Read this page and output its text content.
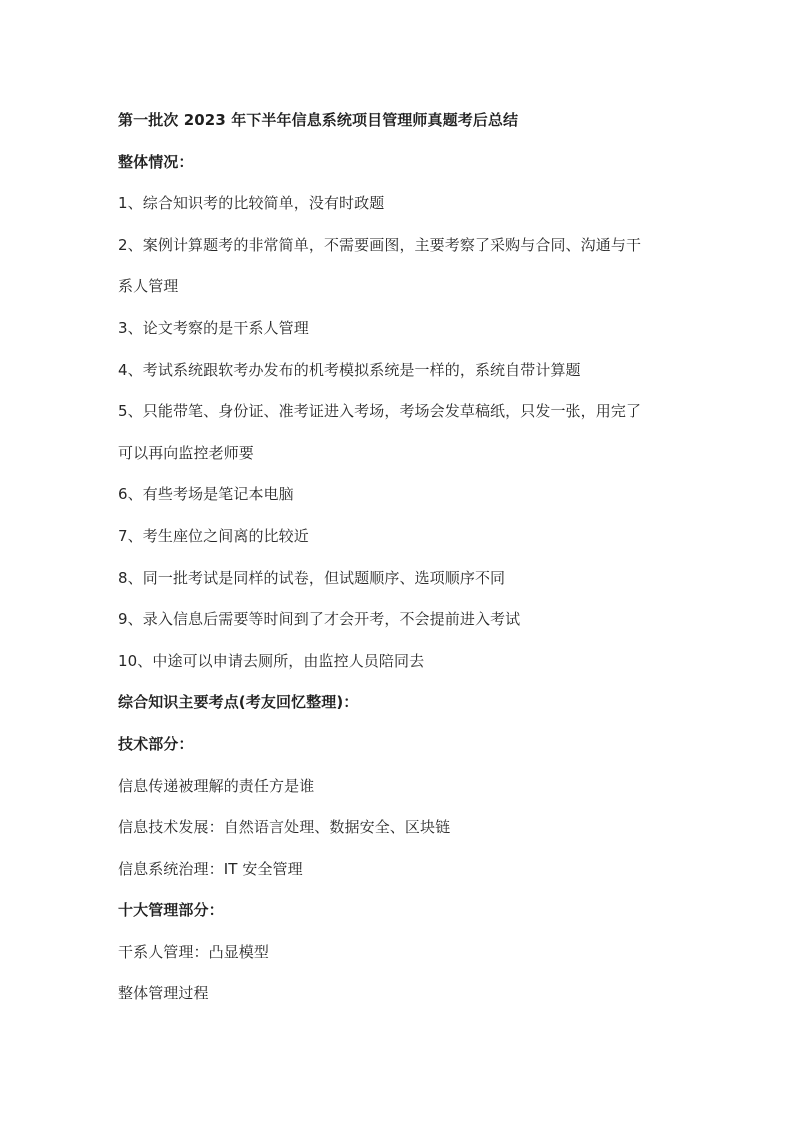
第一批次 2023 年下半年信息系统项目管理师真题考后总结
整体情况：
1、综合知识考的比较简单，没有时政题
2、案例计算题考的非常简单，不需要画图，主要考察了采购与合同、沟通与干
系人管理
3、论文考察的是干系人管理
4、考试系统跟软考办发布的机考模拟系统是一样的，系统自带计算题
5、只能带笔、身份证、准考证进入考场，考场会发草稿纸，只发一张，用完了
可以再向监控老师要
6、有些考场是笔记本电脑
7、考生座位之间离的比较近
8、同一批考试是同样的试卷，但试题顺序、选项顺序不同
9、录入信息后需要等时间到了才会开考，不会提前进入考试
10、中途可以申请去厕所，由监控人员陪同去
综合知识主要考点(考友回忆整理)：
技术部分：
信息传递被理解的责任方是谁
信息技术发展：自然语言处理、数据安全、区块链
信息系统治理：IT 安全管理
十大管理部分：
干系人管理：凸显模型
整体管理过程
